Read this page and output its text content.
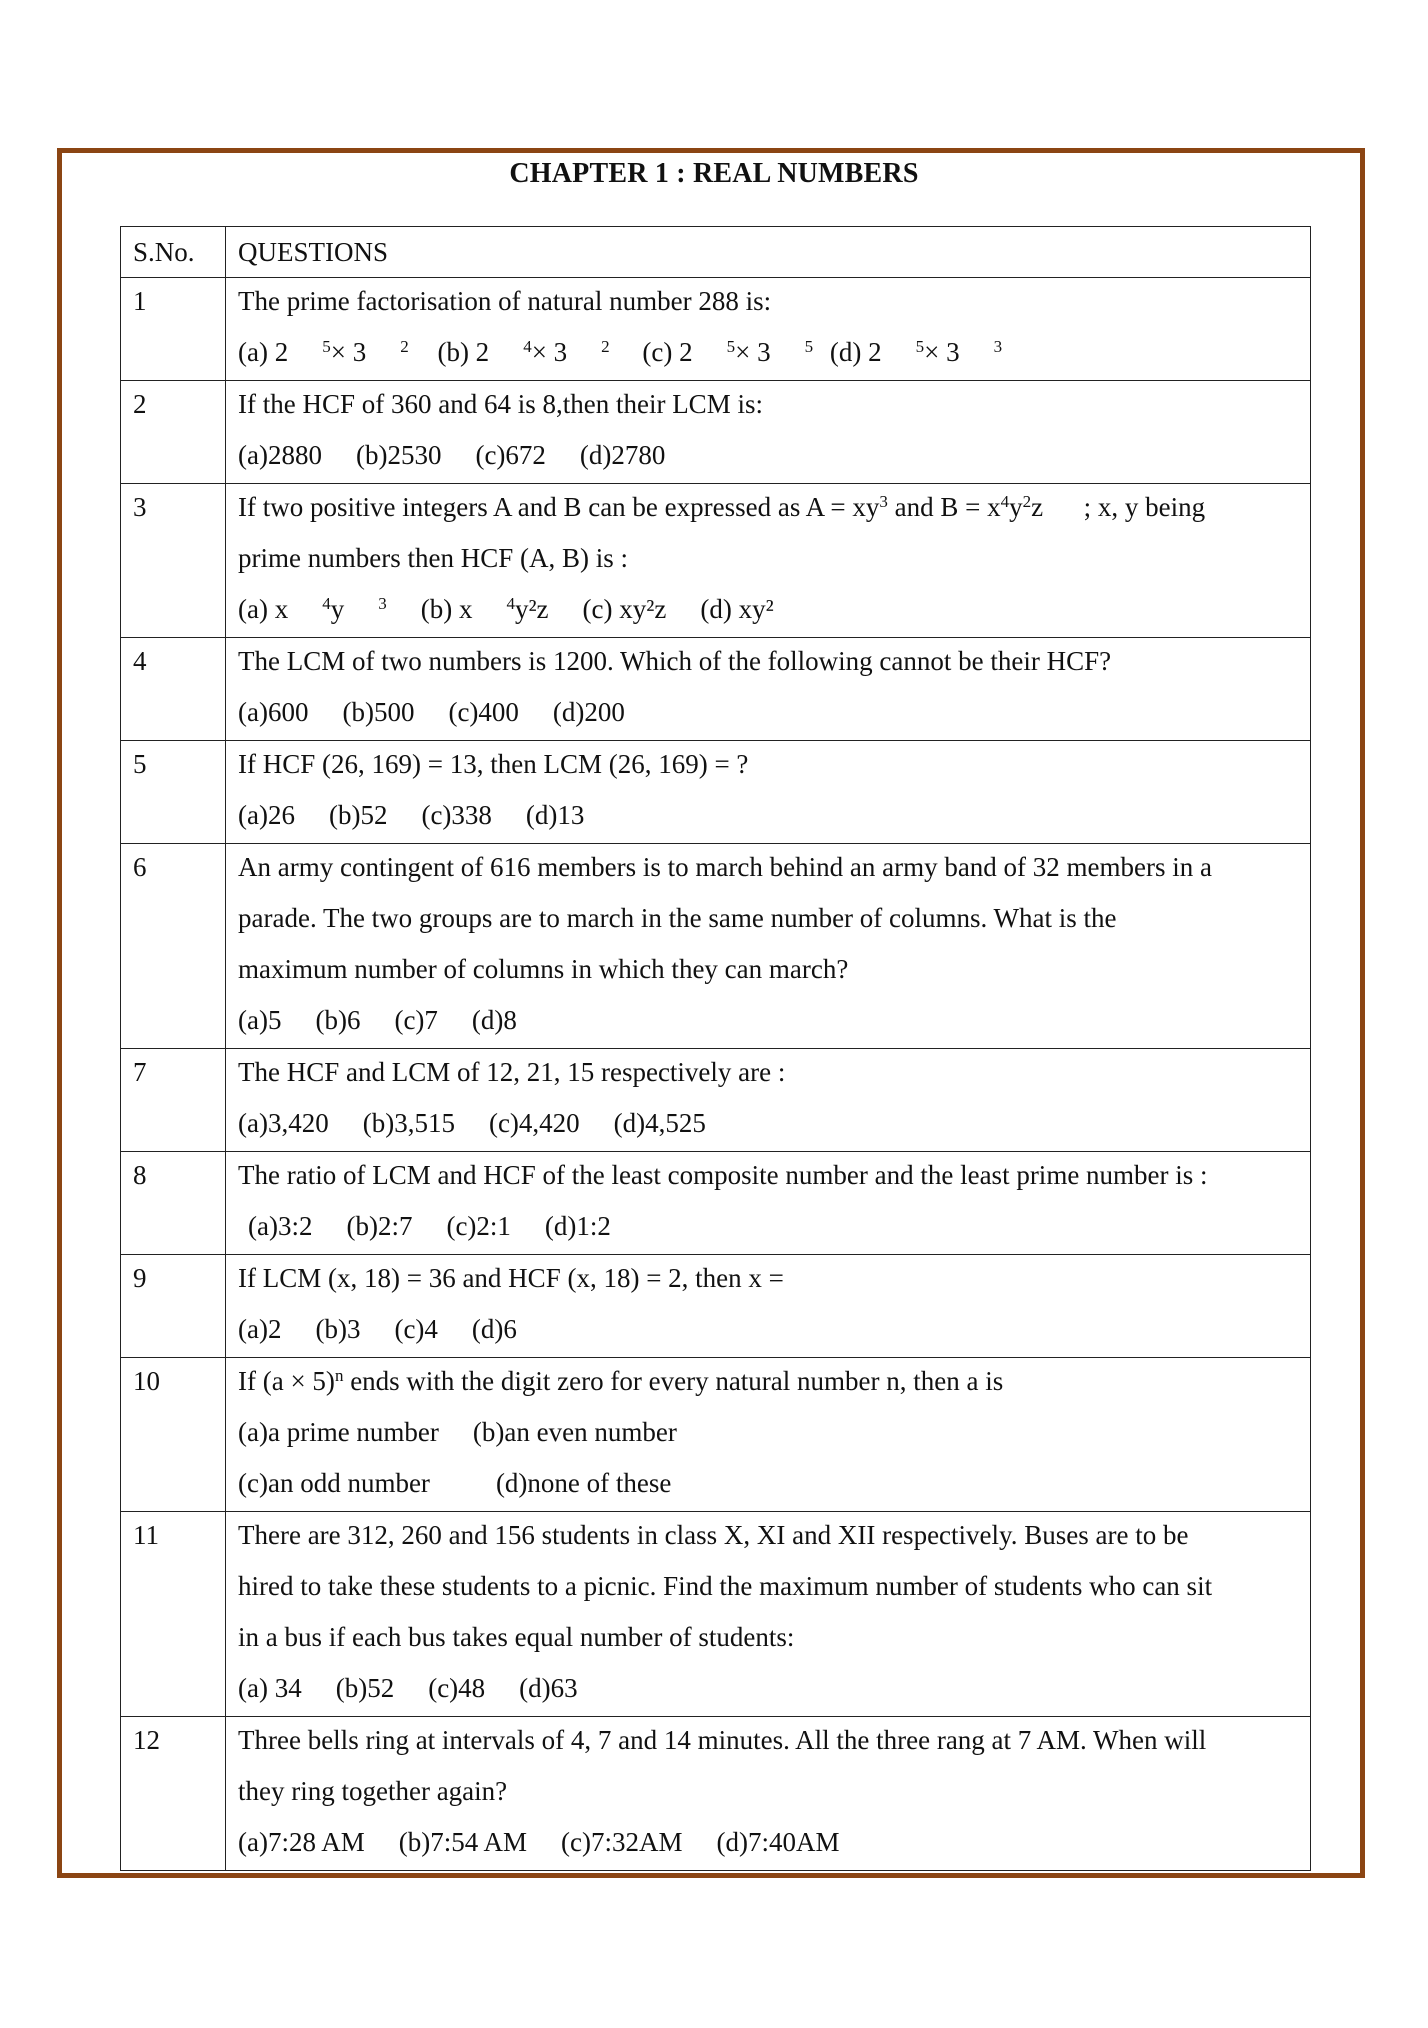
CHAPTER 1 : REAL NUMBERS
S.No.	QUESTIONS

1	The prime factorisation of natural number 288 is:
(a) 2 $^5$× 3 $^2$ (b) 2 $^4$× 3 $^2$ (c) 2 $^5$× 3 $^5$ (d) 2 $^5$× 3 $^3$

2	If the HCF of 360 and 64 is 8,then their LCM is:
(a)2880 (b)2530 (c)672 (d)2780

3	If two positive integers A and B can be expressed as $A = xy^3$ and $B = x^4y^2z$      ; x, y being
prime numbers then HCF (A, B) is :
(a) x $^4$y $^3$ (b) x $^4$y²z (c) xy²z (d) xy²

4	The LCM of two numbers is 1200. Which of the following cannot be their HCF?
(a)600 (b)500 (c)400 (d)200

5	If HCF (26, 169) = 13, then LCM (26, 169) = ?
(a)26 (b)52 (c)338 (d)13

6	An army contingent of 616 members is to march behind an army band of 32 members in a
parade. The two groups are to march in the same number of columns. What is the
maximum number of columns in which they can march?
(a)5 (b)6 (c)7 (d)8

7	The HCF and LCM of 12, 21, 15 respectively are :
(a)3,420 (b)3,515 (c)4,420 (d)4,525

8	The ratio of LCM and HCF of the least composite number and the least prime number is :
(a)3:2 (b)2:7 (c)2:1 (d)1:2

9	If LCM (x, 18) = 36 and HCF (x, 18) = 2, then x =
(a)2 (b)3 (c)4 (d)6

10	If $(a \times 5)^n$ ends with the digit zero for every natural number n, then a is
(a)a prime number (b)an even number
(c)an odd number (d)none of these

11	There are 312, 260 and 156 students in class X, XI and XII respectively. Buses are to be
hired to take these students to a picnic. Find the maximum number of students who can sit
in a bus if each bus takes equal number of students:
(a) 34 (b)52 (c)48 (d)63

12	Three bells ring at intervals of 4, 7 and 14 minutes. All the three rang at 7 AM. When will
they ring together again?
(a)7:28 AM (b)7:54 AM (c)7:32AM (d)7:40AM
